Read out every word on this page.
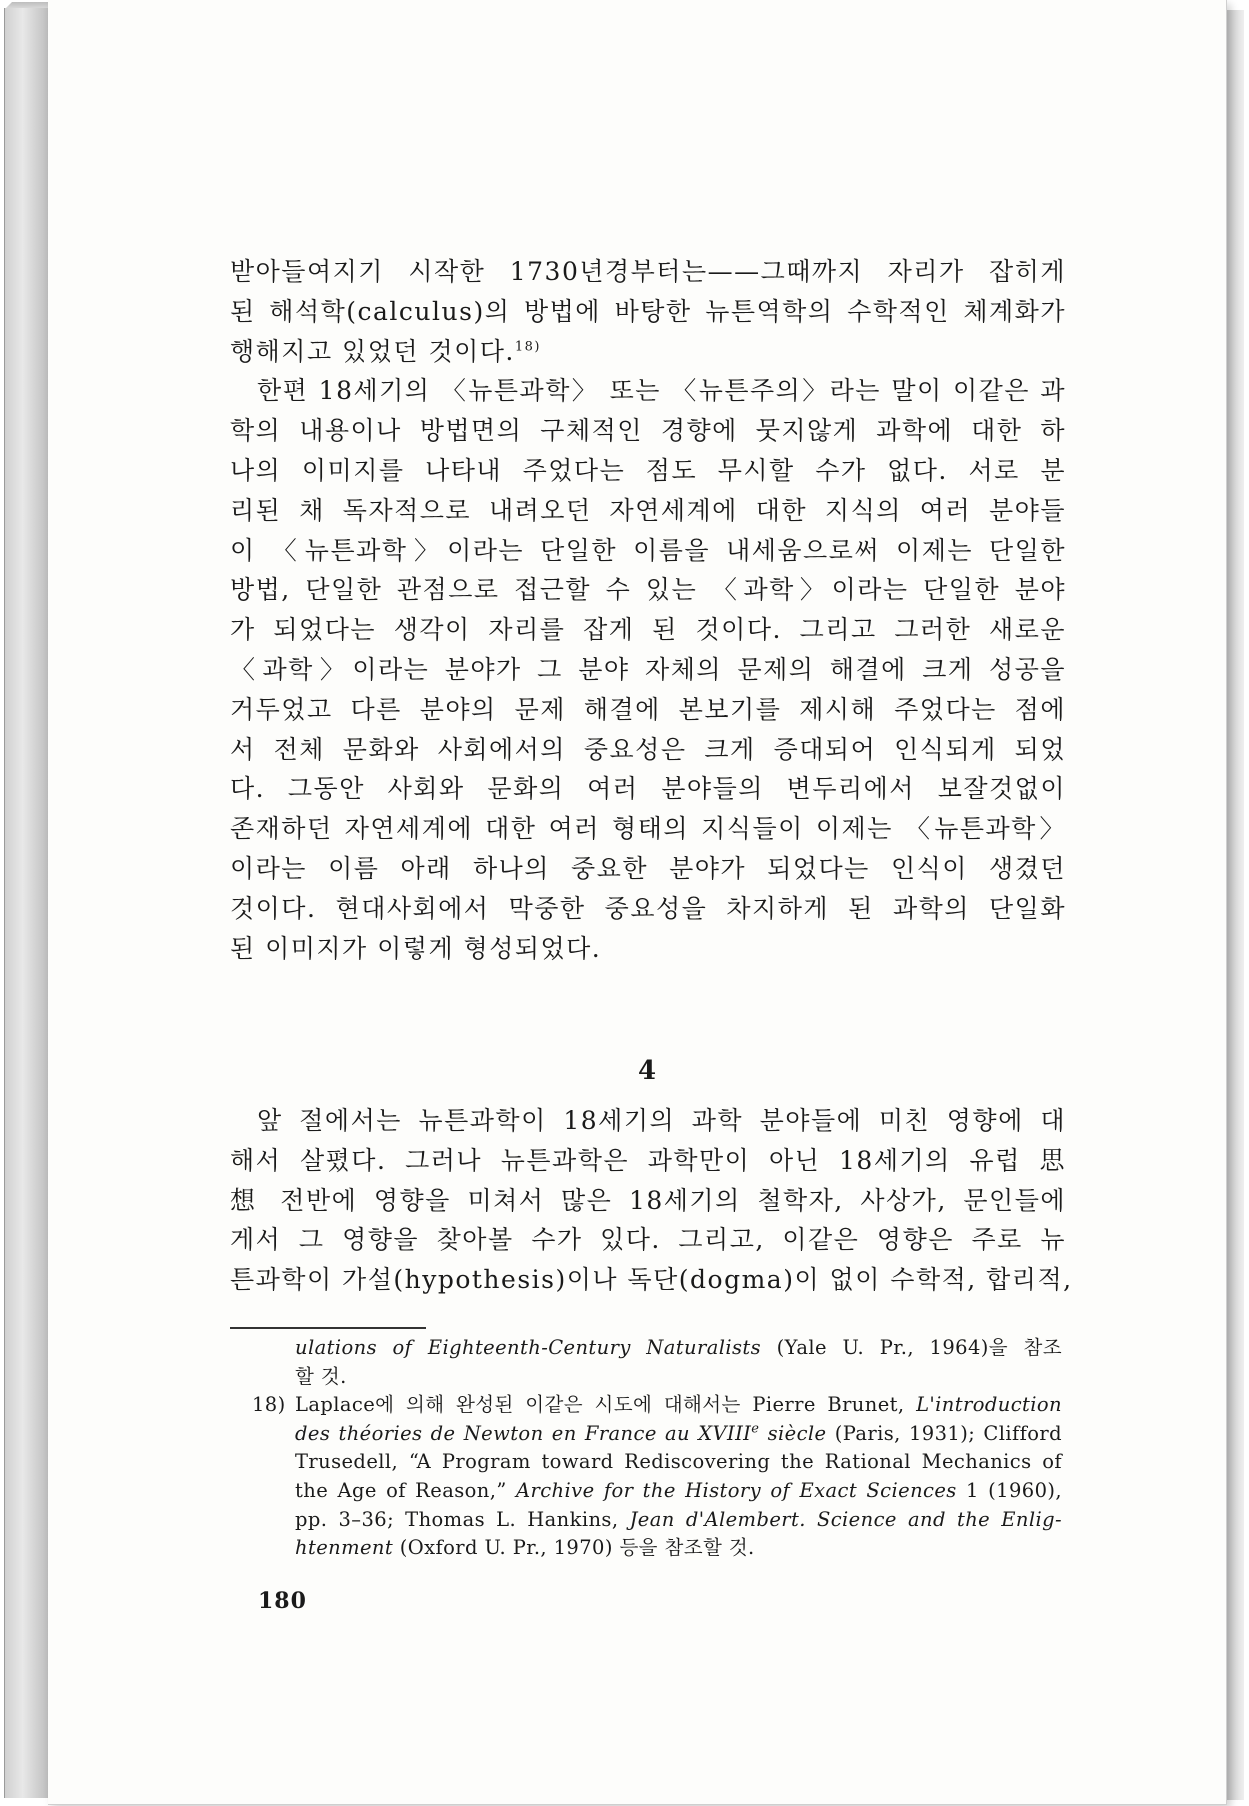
받아들여지기 시작한 1730년경부터는——그때까지 자리가 잡히게
된 해석학(calculus)의 방법에 바탕한 뉴튼역학의 수학적인 체계화가
행해지고 있었던 것이다.$^{18)}$
한편 18세기의 〈뉴튼과학〉 또는 〈뉴튼주의〉라는 말이 이같은 과
학의 내용이나 방법면의 구체적인 경향에 뭇지않게 과학에 대한 하
나의 이미지를 나타내 주었다는 점도 무시할 수가 없다. 서로 분
리된 채 독자적으로 내려오던 자연세계에 대한 지식의 여러 분야들
이 〈뉴튼과학〉이라는 단일한 이름을 내세움으로써 이제는 단일한
방법, 단일한 관점으로 접근할 수 있는 〈과학〉이라는 단일한 분야
가 되었다는 생각이 자리를 잡게 된 것이다. 그리고 그러한 새로운
〈과학〉이라는 분야가 그 분야 자체의 문제의 해결에 크게 성공을
거두었고 다른 분야의 문제 해결에 본보기를 제시해 주었다는 점에
서 전체 문화와 사회에서의 중요성은 크게 증대되어 인식되게 되었
다. 그동안 사회와 문화의 여러 분야들의 변두리에서 보잘것없이
존재하던 자연세계에 대한 여러 형태의 지식들이 이제는 〈뉴튼과학〉
이라는 이름 아래 하나의 중요한 분야가 되었다는 인식이 생겼던
것이다. 현대사회에서 막중한 중요성을 차지하게 된 과학의 단일화
된 이미지가 이렇게 형성되었다.
4
앞 절에서는 뉴튼과학이 18세기의 과학 분야들에 미친 영향에 대
해서 살폈다. 그러나 뉴튼과학은 과학만이 아닌 18세기의 유럽 思
想 전반에 영향을 미쳐서 많은 18세기의 철학자, 사상가, 문인들에
게서 그 영향을 찾아볼 수가 있다. 그리고, 이같은 영향은 주로 뉴
튼과학이 가설(hypothesis)이나 독단(dogma)이 없이 수학적, 합리적,
ulations of Eighteenth-Century Naturalists (Yale U. Pr., 1964)을 참조
할 것.
18) Laplace에 의해 완성된 이같은 시도에 대해서는 Pierre Brunet, L'introduction
des théories de Newton en France au XVIIIe siècle (Paris, 1931); Clifford
Trusedell, “A Program toward Rediscovering the Rational Mechanics of
the Age of Reason,” Archive for the History of Exact Sciences 1 (1960),
pp. 3–36; Thomas L. Hankins, Jean d'Alembert. Science and the Enlig-
htenment (Oxford U. Pr., 1970) 등을 참조할 것.
180
